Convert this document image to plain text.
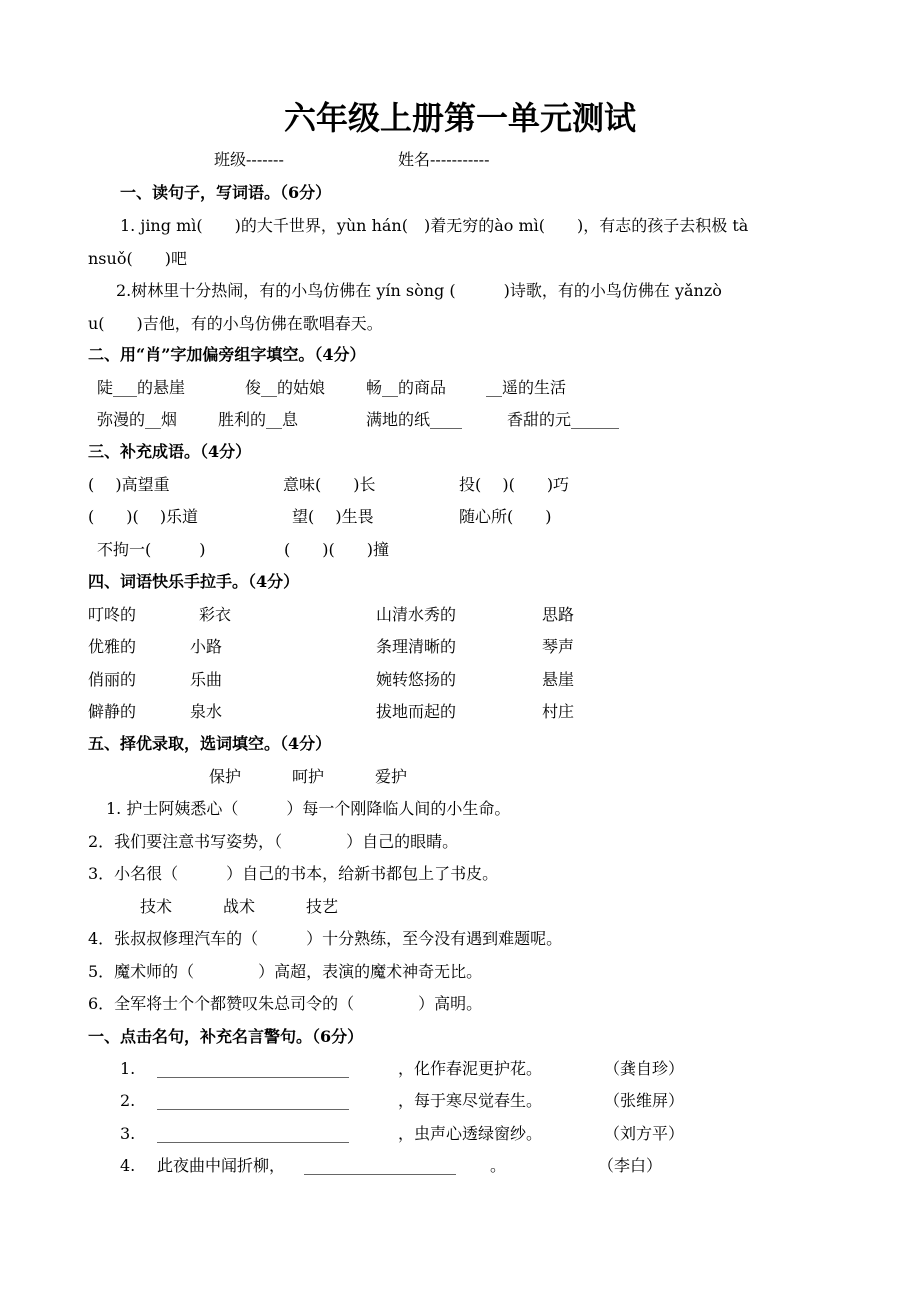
六年级上册第一单元测试
班级-------	姓名-----------
一、读句子，写词语。（6分）
1. jing mì(　　)的大千世界，yùn hán(　)着无穷的ào mì(　　)，有志的孩子去积极 tà
nsuǒ(　　)吧
2.树林里十分热闹，有的小鸟仿佛在 yín sòng (　　　)诗歌，有的小鸟仿佛在 yǎnzò
u(　　)吉他，有的小鸟仿佛在歌唱春天。
二、用“肖”字加偏旁组字填空。（4分）
陡___的悬崖	俊__的姑娘	畅__的商品 __遥的生活
弥漫的__烟	胜利的__息	满地的纸____	香甜的元______
三、补充成语。（4分）
(　 )高望重	意味(　　)长	投(　 )(　　)巧
(　　)(　 )乐道	望(　 )生畏	随心所(　　)
不拘一(　　　)	(　　)(　　)撞
四、词语快乐手拉手。（4分）
叮咚的	彩衣	山清水秀的	思路
优雅的	小路	条理清晰的	琴声
俏丽的	乐曲	婉转悠扬的	悬崖
僻静的	泉水	拔地而起的	村庄
五、择优录取，选词填空。（4分）
保护	呵护	爱护
1. 护士阿姨悉心（　　　）每一个刚降临人间的小生命。
2．我们要注意书写姿势，（　　　　）自己的眼睛。
3．小名很（　　　）自己的书本，给新书都包上了书皮。
技术	战术	技艺
4．张叔叔修理汽车的（　　　）十分熟练，至今没有遇到难题呢。
5．魔术师的（　　　　）高超，表演的魔术神奇无比。
6．全军将士个个都赞叹朱总司令的（　　　　）高明。
一、点击名句，补充名言警句。（6分）
1. ________________________	，化作春泥更护花。	（龚自珍）
2. ________________________	，每于寒尽觉春生。	（张维屏）
3. ________________________	，虫声心透绿窗纱。	（刘方平）
4. 此夜曲中闻折柳， ___________________ 。	（李白）
